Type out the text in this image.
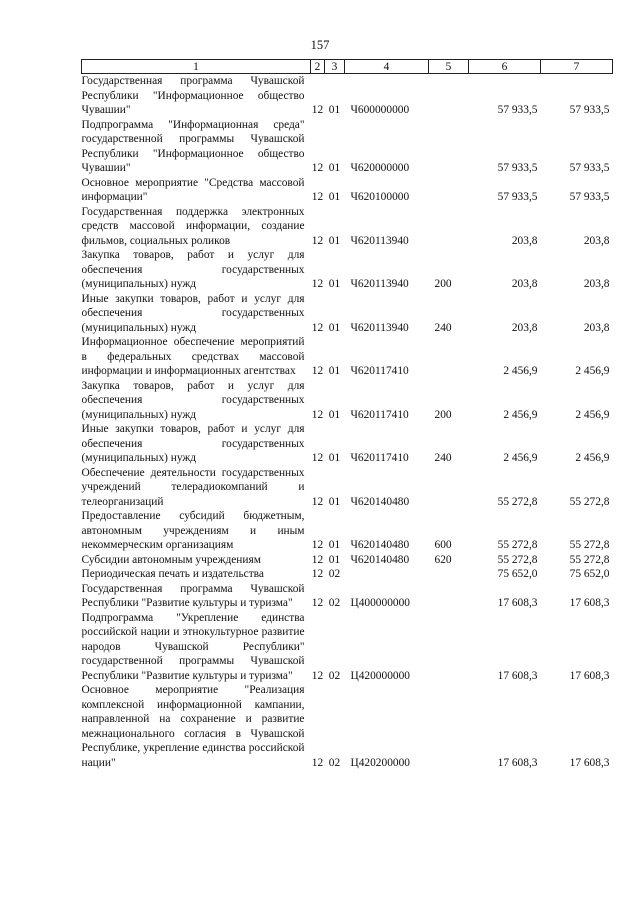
157
1	2	3	4	5	6	7
Государственная программа Чувашской Республики "Информационное общество Чувашии"	12	01	Ч600000000		57 933,5	57 933,5
Подпрограмма "Информационная среда" государственной программы Чувашской Республики "Информационное общество Чувашии"	12	01	Ч620000000		57 933,5	57 933,5
Основное мероприятие "Средства массовой информации"	12	01	Ч620100000		57 933,5	57 933,5
Государственная поддержка электронных средств массовой информации, создание фильмов, социальных роликов	12	01	Ч620113940		203,8	203,8
Закупка товаров, работ и услуг для обеспечения государственных (муниципальных) нужд	12	01	Ч620113940	200	203,8	203,8
Иные закупки товаров, работ и услуг для обеспечения государственных (муниципальных) нужд	12	01	Ч620113940	240	203,8	203,8
Информационное обеспечение мероприятий в федеральных средствах массовой информации и информационных агентствах	12	01	Ч620117410		2 456,9	2 456,9
Закупка товаров, работ и услуг для обеспечения государственных (муниципальных) нужд	12	01	Ч620117410	200	2 456,9	2 456,9
Иные закупки товаров, работ и услуг для обеспечения государственных (муниципальных) нужд	12	01	Ч620117410	240	2 456,9	2 456,9
Обеспечение деятельности государственных учреждений телерадиокомпаний и телеорганизаций	12	01	Ч620140480		55 272,8	55 272,8
Предоставление субсидий бюджетным, автономным учреждениям и иным некоммерческим организациям	12	01	Ч620140480	600	55 272,8	55 272,8
Субсидии автономным учреждениям	12	01	Ч620140480	620	55 272,8	55 272,8
Периодическая печать и издательства	12	02			75 652,0	75 652,0
Государственная программа Чувашской Республики "Развитие культуры и туризма"	12	02	Ц400000000		17 608,3	17 608,3
Подпрограмма "Укрепление единства российской нации и этнокультурное развитие народов Чувашской Республики" государственной программы Чувашской Республики "Развитие культуры и туризма"	12	02	Ц420000000		17 608,3	17 608,3
Основное мероприятие "Реализация комплексной информационной кампании, направленной на сохранение и развитие межнационального согласия в Чувашской Республике, укрепление единства российской нации"	12	02	Ц420200000		17 608,3	17 608,3
